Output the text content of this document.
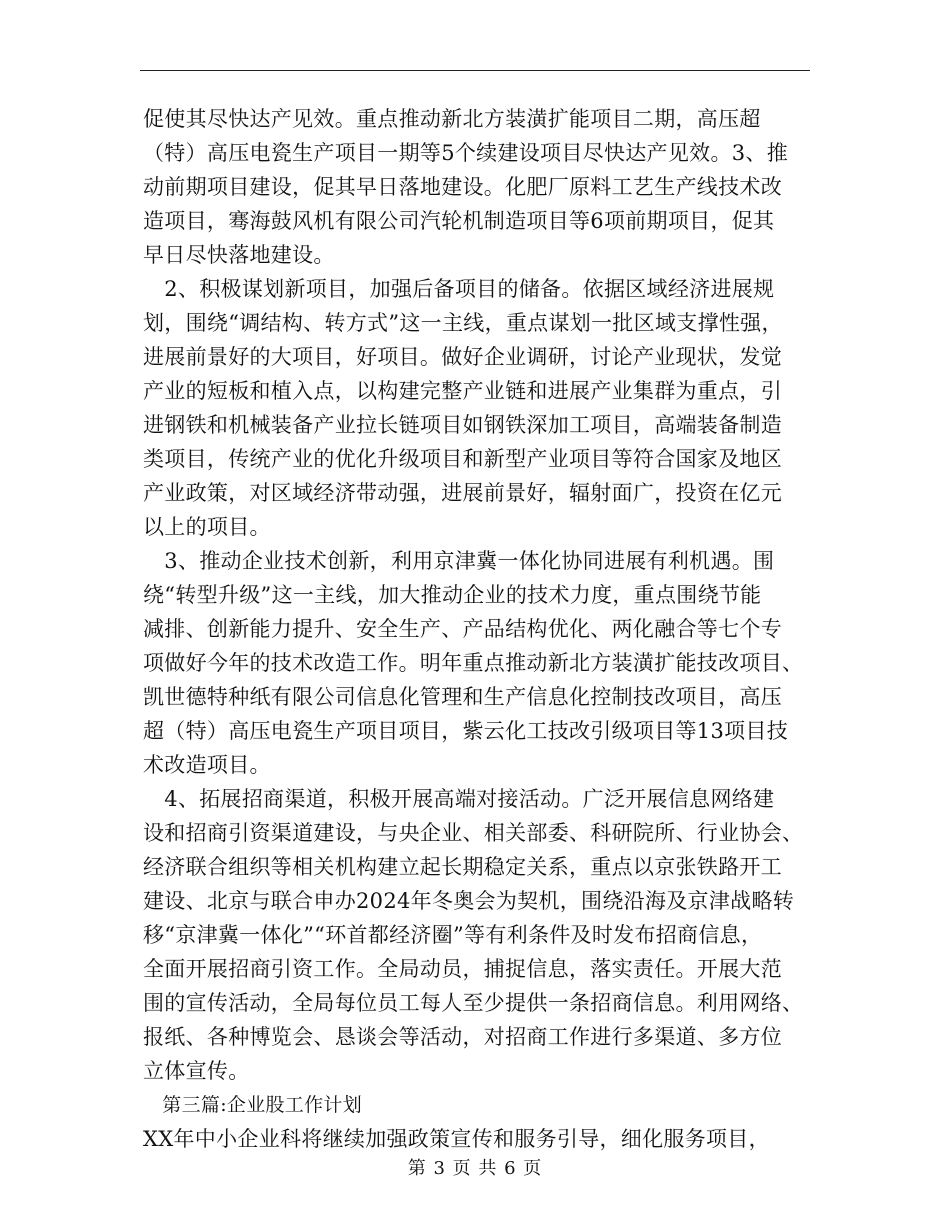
促使其尽快达产见效。重点推动新北方装潢扩能项目二期，高压超
（特）高压电瓷生产项目一期等5个续建设项目尽快达产见效。3、推
动前期项目建设，促其早日落地建设。化肥厂原料工艺生产线技术改
造项目，骞海鼓风机有限公司汽轮机制造项目等6项前期项目，促其
早日尽快落地建设。
　2、积极谋划新项目，加强后备项目的储备。依据区域经济进展规
划，围绕“调结构、转方式”这一主线，重点谋划一批区域支撑性强，
进展前景好的大项目，好项目。做好企业调研，讨论产业现状，发觉
产业的短板和植入点，以构建完整产业链和进展产业集群为重点，引
进钢铁和机械装备产业拉长链项目如钢铁深加工项目，高端装备制造
类项目，传统产业的优化升级项目和新型产业项目等符合国家及地区
产业政策，对区域经济带动强，进展前景好，辐射面广，投资在亿元
以上的项目。
　3、推动企业技术创新，利用京津冀一体化协同进展有利机遇。围
绕“转型升级”这一主线，加大推动企业的技术力度，重点围绕节能
减排、创新能力提升、安全生产、产品结构优化、两化融合等七个专
项做好今年的技术改造工作。明年重点推动新北方装潢扩能技改项目、
凯世德特种纸有限公司信息化管理和生产信息化控制技改项目，高压
超（特）高压电瓷生产项目项目，紫云化工技改引级项目等13项目技
术改造项目。
　4、拓展招商渠道，积极开展高端对接活动。广泛开展信息网络建
设和招商引资渠道建设，与央企业、相关部委、科研院所、行业协会、
经济联合组织等相关机构建立起长期稳定关系，重点以京张铁路开工
建设、北京与联合申办2024年冬奥会为契机，围绕沿海及京津战略转
移“京津冀一体化”“环首都经济圈”等有利条件及时发布招商信息，
全面开展招商引资工作。全局动员，捕捉信息，落实责任。开展大范
围的宣传活动，全局每位员工每人至少提供一条招商信息。利用网络、
报纸、各种博览会、恳谈会等活动，对招商工作进行多渠道、多方位
立体宣传。
　第三篇:企业股工作计划
XX年中小企业科将继续加强政策宣传和服务引导，细化服务项目，
第 3 页 共 6 页
